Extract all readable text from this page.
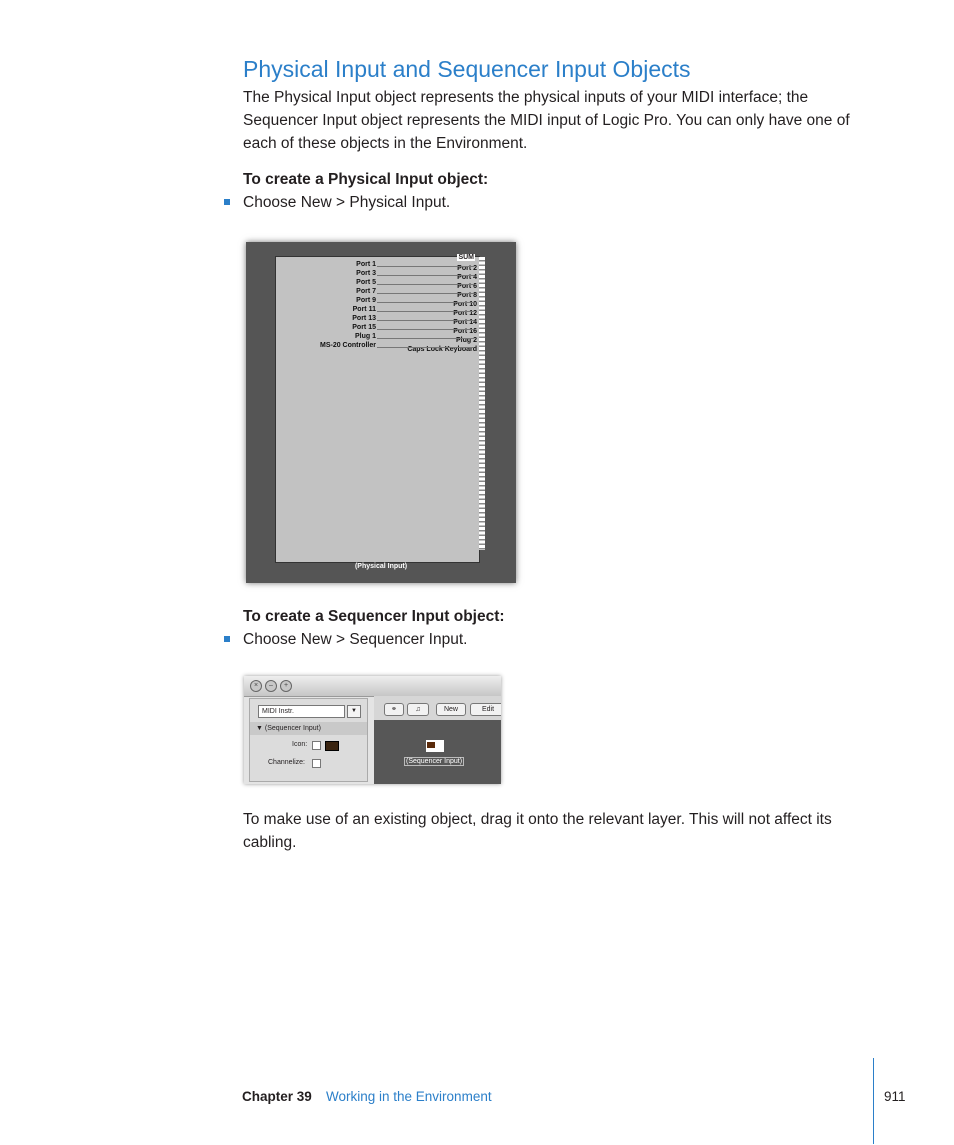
Physical Input and Sequencer Input Objects
The Physical Input object represents the physical inputs of your MIDI interface; the Sequencer Input object represents the MIDI input of Logic Pro. You can only have one of each of these objects in the Environment.
To create a Physical Input object:
Choose New > Physical Input.
Port 2
Port 4
Port 6
Port 8
Port 10
Port 12
Port 14
Port 16
Plug 2
Caps Lock Keyboard
Port 1
Port 3
Port 5
Port 7
Port 9
Port 11
Port 13
Port 15
Plug 1
MS-20 Controller
SUM
(Physical Input)
To create a Sequencer Input object:
Choose New > Sequencer Input.
×	–	+
MIDI Instr.	▼
▼ (Sequencer Input)
Icon:
Channelize:
⚭	♫	New	Edit
(Sequencer Input)
To make use of an existing object, drag it onto the relevant layer. This will not affect its cabling.
Chapter 39 Working in the Environment	911
